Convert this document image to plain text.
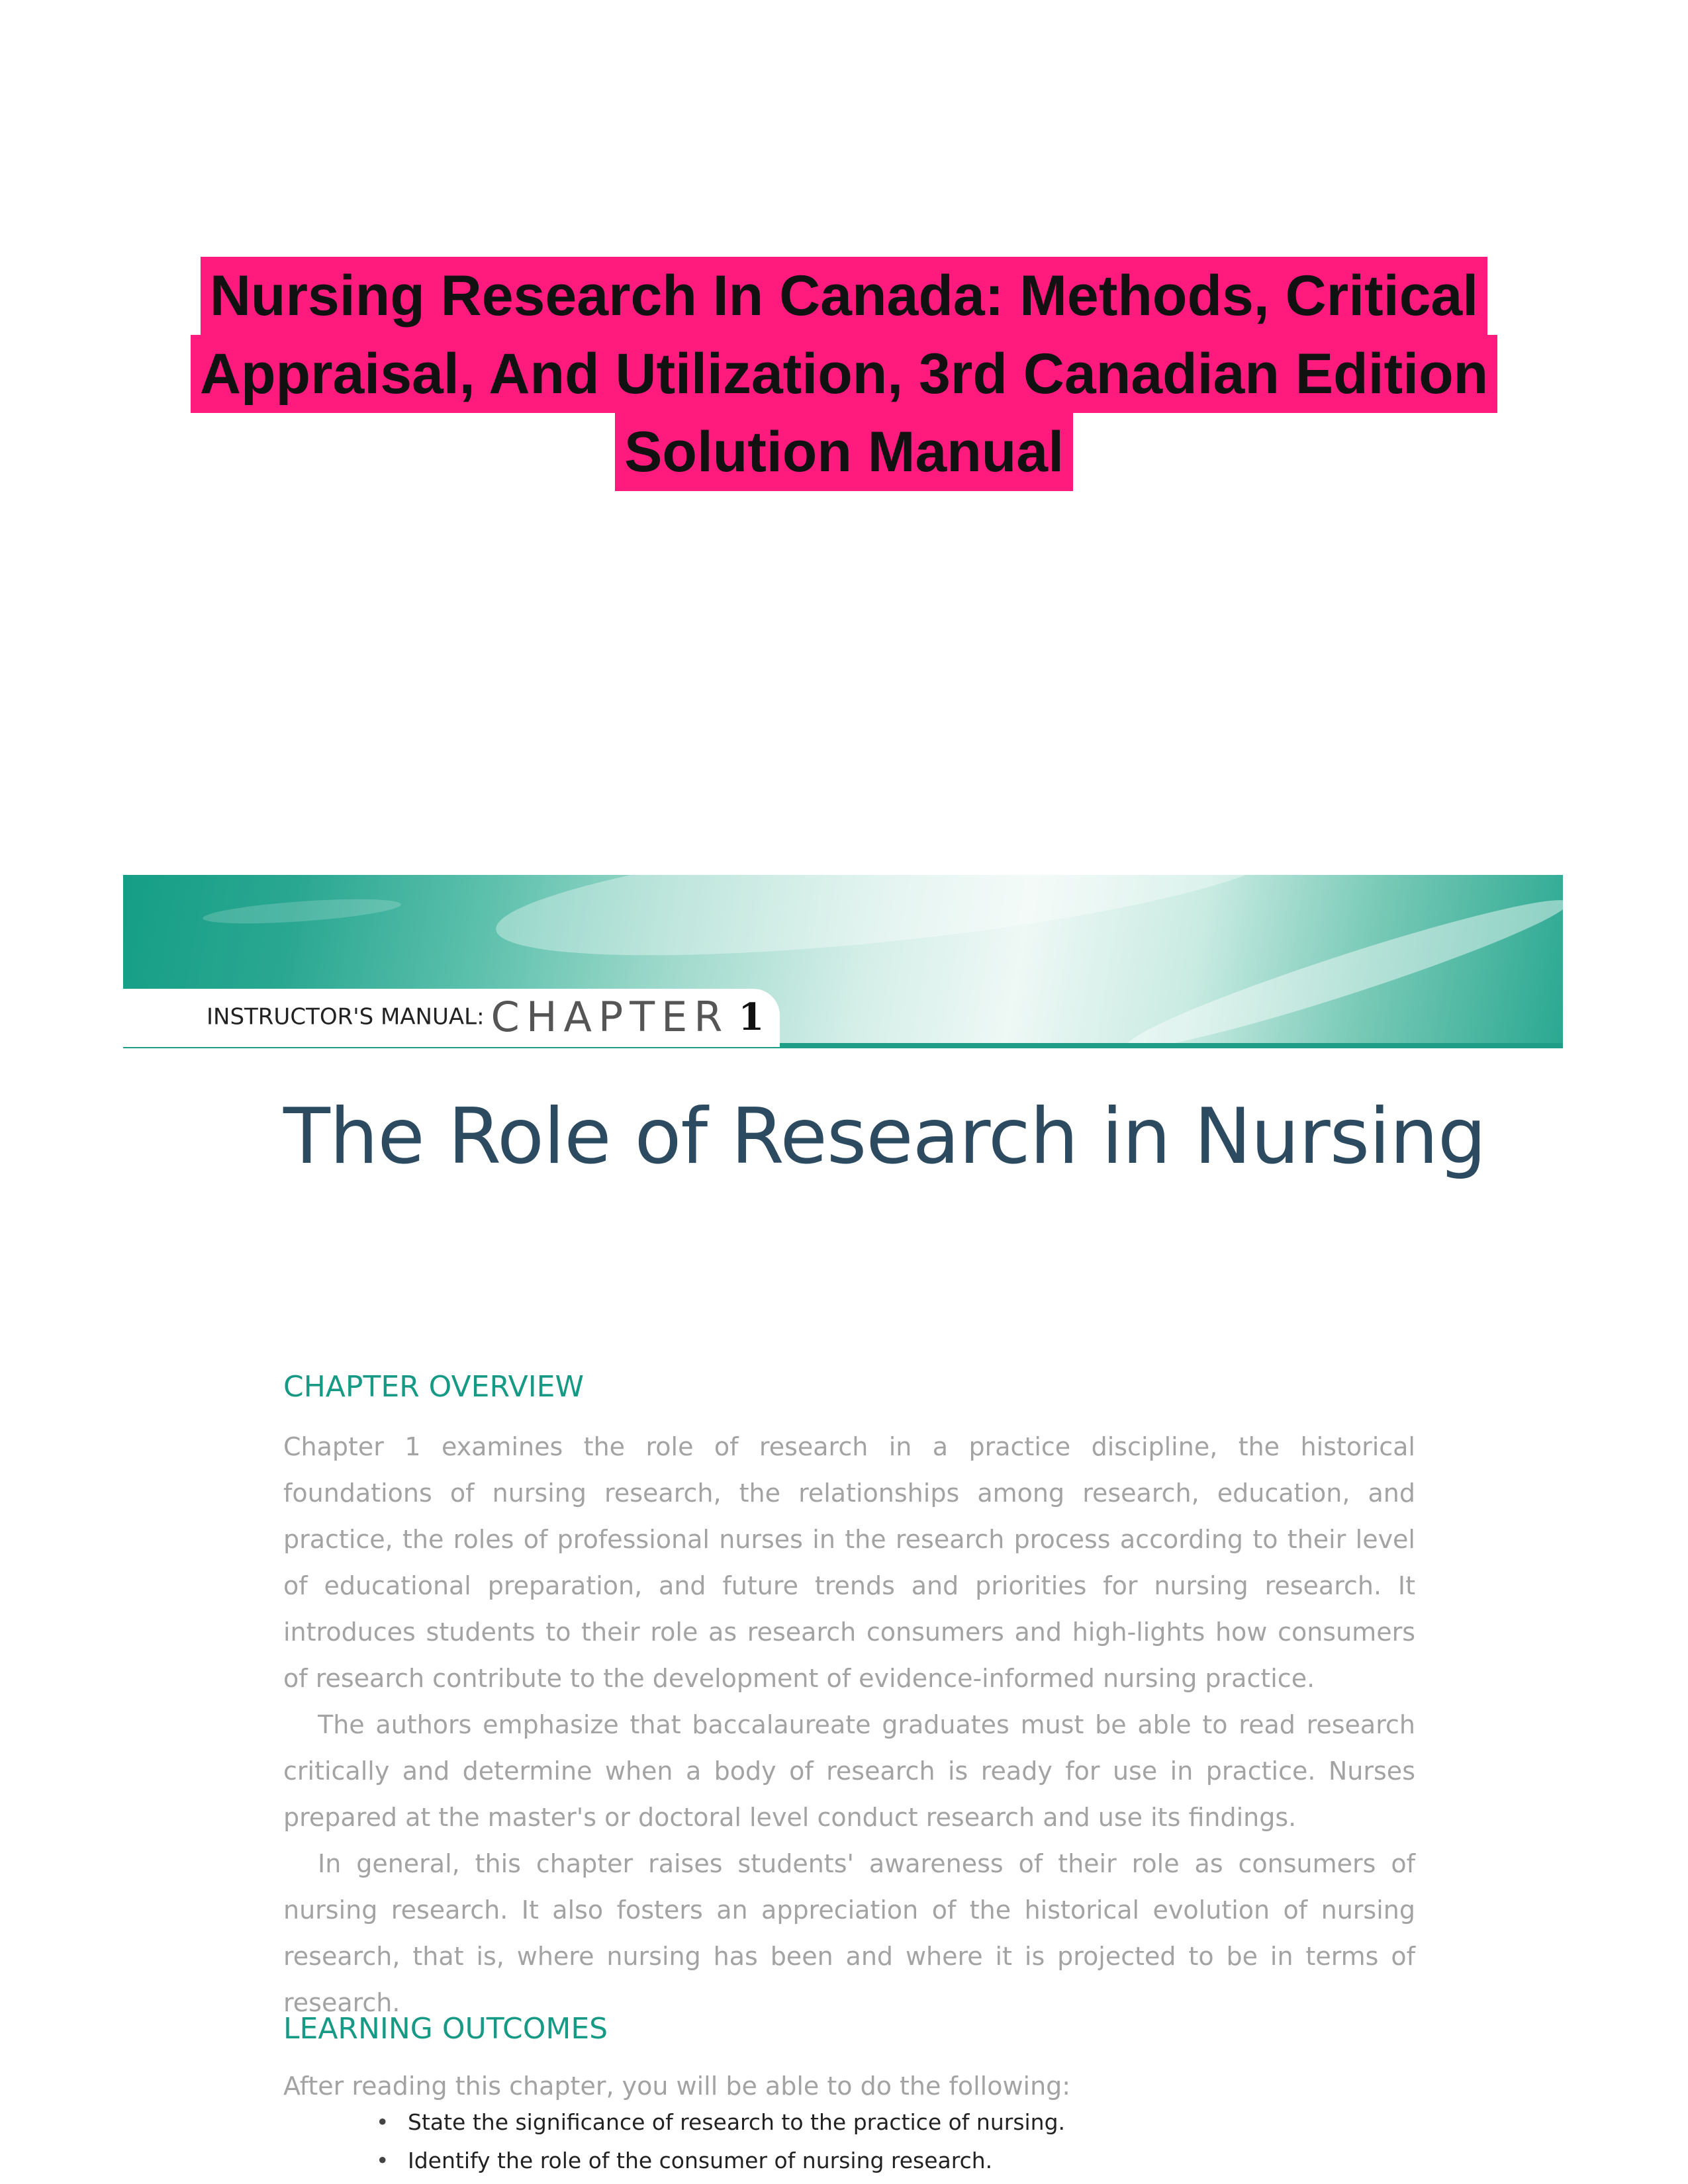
Nursing Research In Canada: Methods, Critical
Appraisal, And Utilization, 3rd Canadian Edition
Solution Manual
INSTRUCTOR'S MANUAL: CHAPTER 1
The Role of Research in Nursing
CHAPTER OVERVIEW
Chapter 1 examines the role of research in a practice discipline, the historical foundations of nursing research, the relationships among research, education, and practice, the roles of professional nurses in the research process according to their level of educational preparation, and future trends and priorities for nursing research. It introduces students to their role as research consumers and high-lights how consumers of research contribute to the development of evidence-informed nursing practice.
The authors emphasize that baccalaureate graduates must be able to read research critically and determine when a body of research is ready for use in practice. Nurses prepared at the master's or doctoral level conduct research and use its findings.
In general, this chapter raises students' awareness of their role as consumers of nursing research. It also fosters an appreciation of the historical evolution of nursing research, that is, where nursing has been and where it is projected to be in terms of research.
LEARNING OUTCOMES
After reading this chapter, you will be able to do the following:
• State the significance of research to the practice of nursing.
• Identify the role of the consumer of nursing research.
